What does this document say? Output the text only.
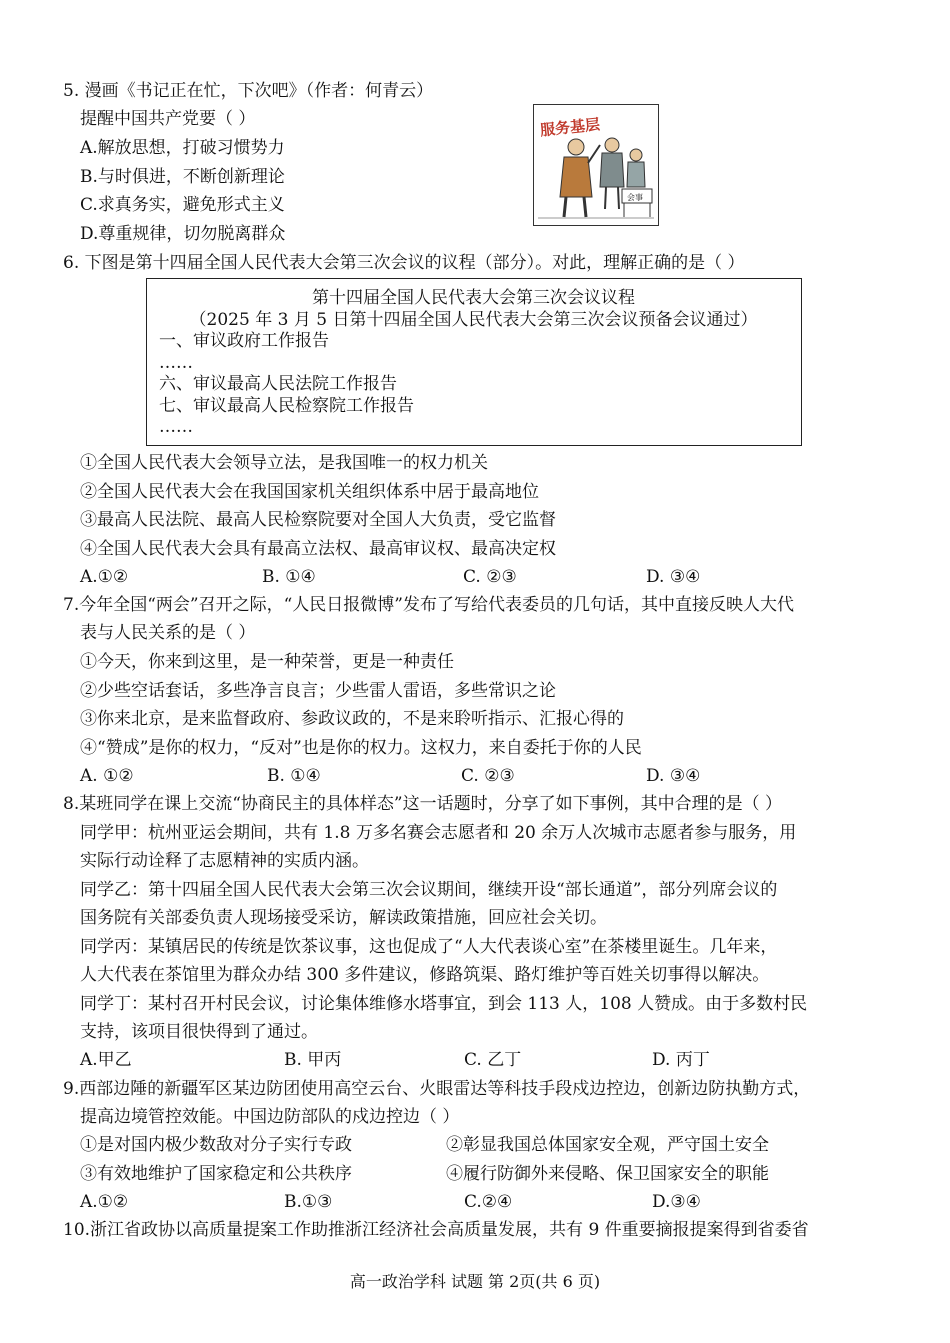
5. 漫画《书记正在忙，下次吧》（作者：何青云）
提醒中国共产党要（ ）
A.解放思想，打破习惯势力
B.与时俱进，不断创新理论
C.求真务实，避免形式主义
D.尊重规律，切勿脱离群众
服务基层
会事
6. 下图是第十四届全国人民代表大会第三次会议的议程（部分）。对此，理解正确的是（ ）
第十四届全国人民代表大会第三次会议议程
（2025 年 3 月 5 日第十四届全国人民代表大会第三次会议预备会议通过）
一、审议政府工作报告
……
六、审议最高人民法院工作报告
七、审议最高人民检察院工作报告
……
①全国人民代表大会领导立法，是我国唯一的权力机关
②全国人民代表大会在我国国家机关组织体系中居于最高地位
③最高人民法院、最高人民检察院要对全国人大负责，受它监督
④全国人民代表大会具有最高立法权、最高审议权、最高决定权
A.①②	B. ①④	C. ②③	D. ③④
7.今年全国“两会”召开之际，“人民日报微博”发布了写给代表委员的几句话，其中直接反映人大代
表与人民关系的是（ ）
①今天，你来到这里，是一种荣誉，更是一种责任
②少些空话套话，多些净言良言；少些雷人雷语，多些常识之论
③你来北京，是来监督政府、参政议政的，不是来聆听指示、汇报心得的
④“赞成”是你的权力，“反对”也是你的权力。这权力，来自委托于你的人民
A. ①②	B. ①④	C. ②③	D. ③④
8.某班同学在课上交流“协商民主的具体样态”这一话题时，分享了如下事例，其中合理的是（ ）
同学甲：杭州亚运会期间，共有 1.8 万多名赛会志愿者和 20 余万人次城市志愿者参与服务，用
实际行动诠释了志愿精神的实质内涵。
同学乙：第十四届全国人民代表大会第三次会议期间，继续开设“部长通道”，部分列席会议的
国务院有关部委负责人现场接受采访，解读政策措施，回应社会关切。
同学丙：某镇居民的传统是饮茶议事，这也促成了“人大代表谈心室”在茶楼里诞生。几年来，
人大代表在茶馆里为群众办结 300 多件建议，修路筑渠、路灯维护等百姓关切事得以解决。
同学丁：某村召开村民会议，讨论集体维修水塔事宜，到会 113 人，108 人赞成。由于多数村民
支持，该项目很快得到了通过。
A.甲乙	B. 甲丙	C. 乙丁	D. 丙丁
9.西部边陲的新疆军区某边防团使用高空云台、火眼雷达等科技手段戍边控边，创新边防执勤方式，
提高边境管控效能。中国边防部队的戍边控边（ ）
①是对国内极少数敌对分子实行专政	②彰显我国总体国家安全观，严守国土安全
③有效地维护了国家稳定和公共秩序	④履行防御外来侵略、保卫国家安全的职能
A.①②	B.①③	C.②④	D.③④
10.浙江省政协以高质量提案工作助推浙江经济社会高质量发展，共有 9 件重要摘报提案得到省委省
高一政治学科 试题 第 2页(共 6 页)
